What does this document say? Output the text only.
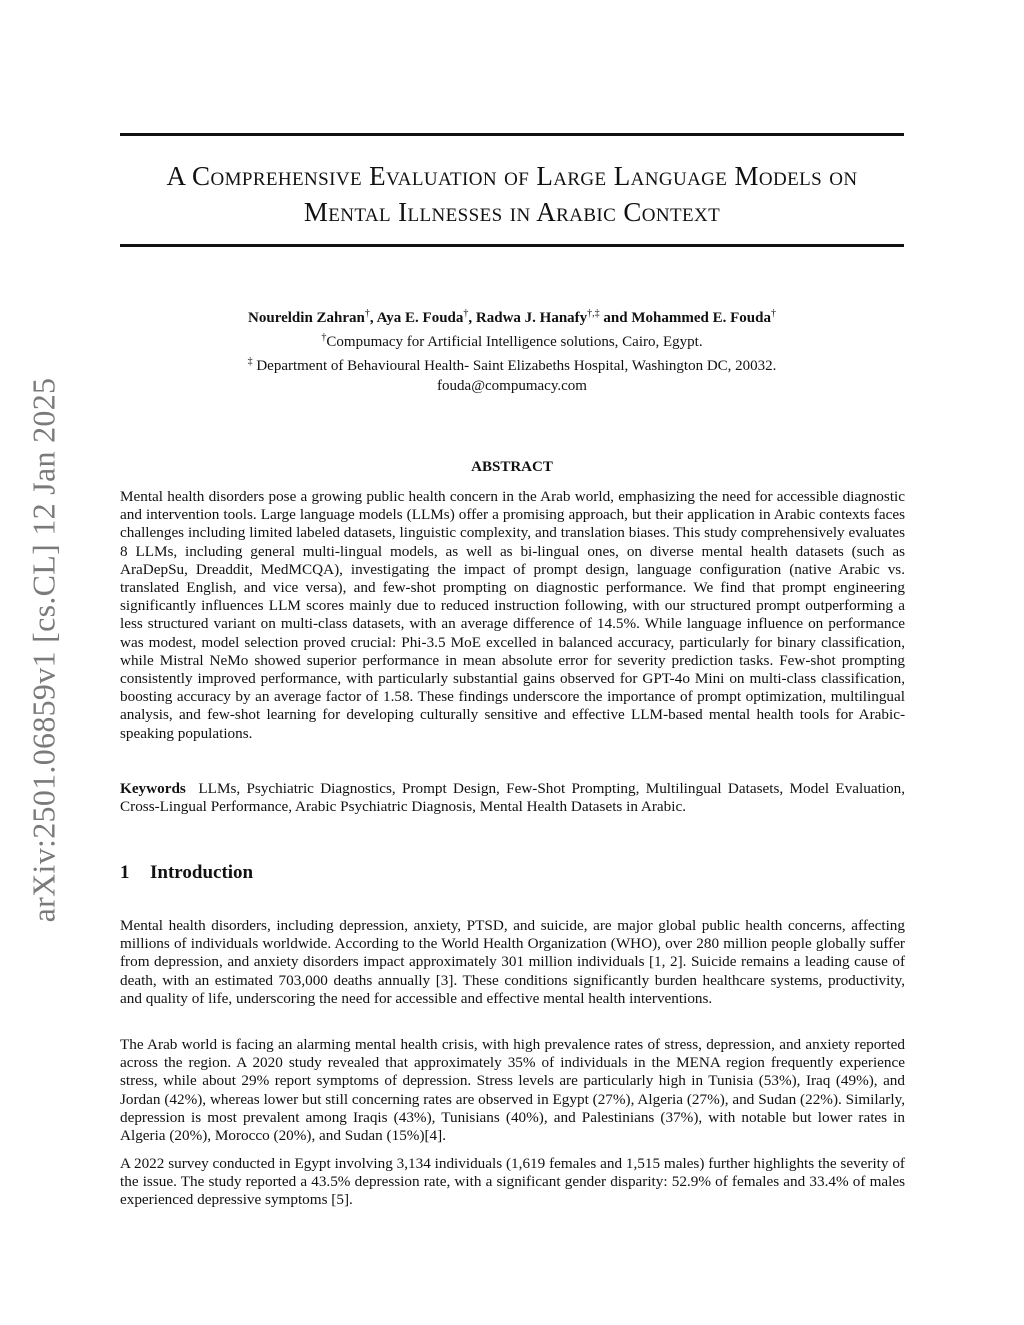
arXiv:2501.06859v1 [cs.CL] 12 Jan 2025
A Comprehensive Evaluation of Large Language Models on
Mental Illnesses in Arabic Context
Noureldin Zahran†, Aya E. Fouda†, Radwa J. Hanafy†,‡ and Mohammed E. Fouda†
†Compumacy for Artificial Intelligence solutions, Cairo, Egypt.
‡ Department of Behavioural Health- Saint Elizabeths Hospital, Washington DC, 20032.
fouda@compumacy.com
ABSTRACT

Mental health disorders pose a growing public health concern in the Arab world, emphasizing the need for accessible diagnostic and intervention tools. Large language models (LLMs) offer a promising approach, but their application in Arabic contexts faces challenges including limited labeled datasets, linguistic complexity, and translation biases. This study comprehensively evaluates 8 LLMs, including general multi-lingual models, as well as bi-lingual ones, on diverse mental health datasets (such as AraDepSu, Dreaddit, MedMCQA), investigating the impact of prompt design, language configuration (native Arabic vs. translated English, and vice versa), and few-shot prompting on diagnostic performance. We find that prompt engineering significantly influences LLM scores mainly due to reduced instruction following, with our structured prompt outperforming a less structured variant on multi-class datasets, with an average difference of 14.5%. While language influence on performance was modest, model selection proved crucial: Phi-3.5 MoE excelled in balanced accuracy, particularly for binary classification, while Mistral NeMo showed superior performance in mean absolute error for severity prediction tasks. Few-shot prompting consistently improved performance, with particularly substantial gains observed for GPT-4o Mini on multi-class classification, boosting accuracy by an average factor of 1.58. These findings underscore the importance of prompt optimization, multilingual analysis, and few-shot learning for developing culturally sensitive and effective LLM-based mental health tools for Arabic-speaking populations.

Keywords LLMs, Psychiatric Diagnostics, Prompt Design, Few-Shot Prompting, Multilingual Datasets, Model Evaluation, Cross-Lingual Performance, Arabic Psychiatric Diagnosis, Mental Health Datasets in Arabic.

1 Introduction

Mental health disorders, including depression, anxiety, PTSD, and suicide, are major global public health concerns, affecting millions of individuals worldwide. According to the World Health Organization (WHO), over 280 million people globally suffer from depression, and anxiety disorders impact approximately 301 million individuals [1, 2]. Suicide remains a leading cause of death, with an estimated 703,000 deaths annually [3]. These conditions significantly burden healthcare systems, productivity, and quality of life, underscoring the need for accessible and effective mental health interventions.

The Arab world is facing an alarming mental health crisis, with high prevalence rates of stress, depression, and anxiety reported across the region. A 2020 study revealed that approximately 35% of individuals in the MENA region frequently experience stress, while about 29% report symptoms of depression. Stress levels are particularly high in Tunisia (53%), Iraq (49%), and Jordan (42%), whereas lower but still concerning rates are observed in Egypt (27%), Algeria (27%), and Sudan (22%). Similarly, depression is most prevalent among Iraqis (43%), Tunisians (40%), and Palestinians (37%), with notable but lower rates in Algeria (20%), Morocco (20%), and Sudan (15%)[4].

A 2022 survey conducted in Egypt involving 3,134 individuals (1,619 females and 1,515 males) further highlights the severity of the issue. The study reported a 43.5% depression rate, with a significant gender disparity: 52.9% of females and 33.4% of males experienced depressive symptoms [5].
